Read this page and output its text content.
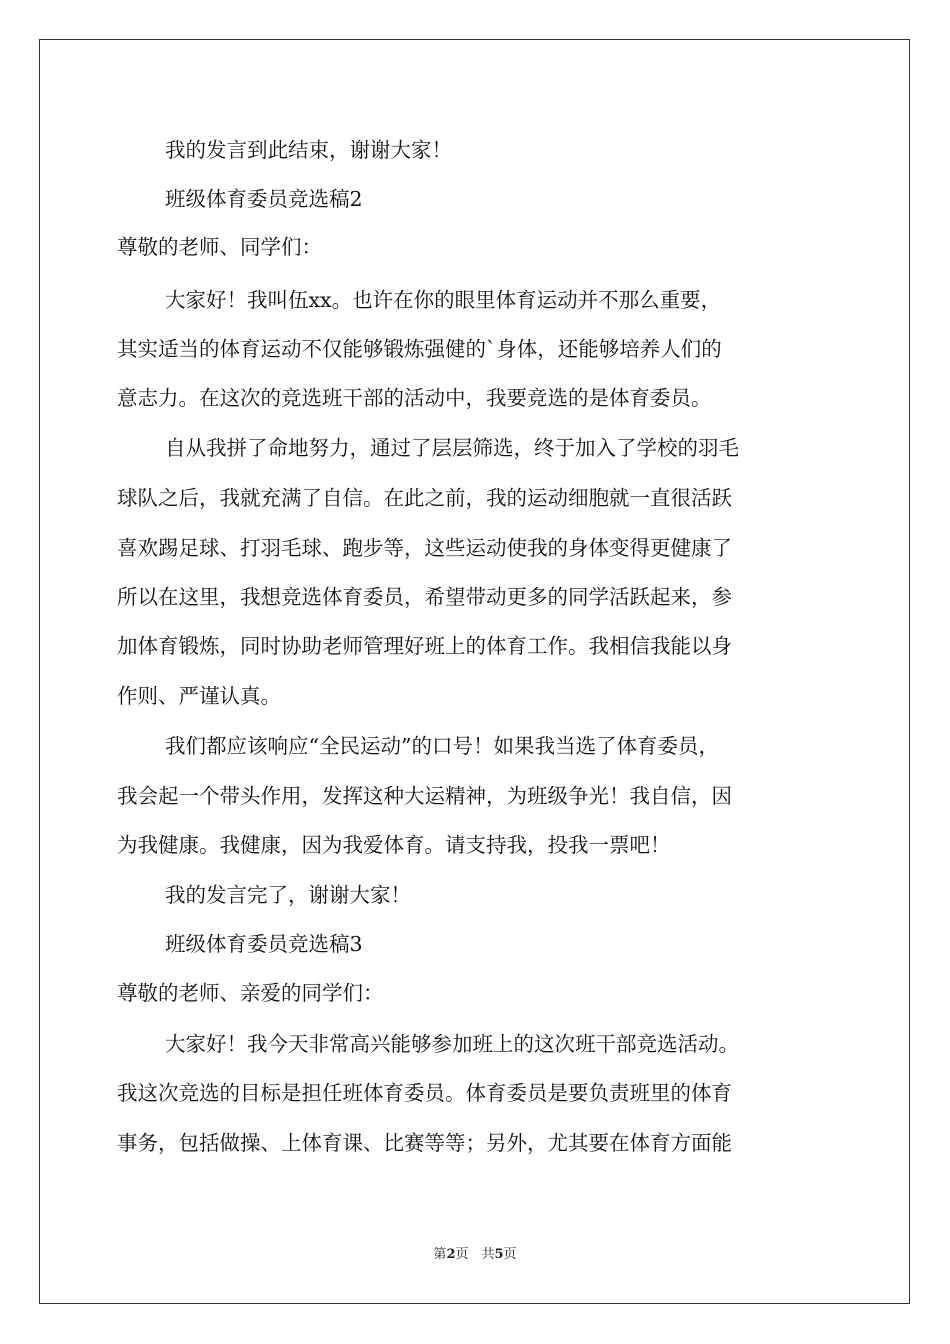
我的发言到此结束，谢谢大家！
班级体育委员竞选稿2
尊敬的老师、同学们：
大家好！我叫伍xx。也许在你的眼里体育运动并不那么重要，
其实适当的体育运动不仅能够锻炼强健的`身体，还能够培养人们的
意志力。在这次的竞选班干部的活动中，我要竞选的是体育委员。
自从我拼了命地努力，通过了层层筛选，终于加入了学校的羽毛
球队之后，我就充满了自信。在此之前，我的运动细胞就一直很活跃
喜欢踢足球、打羽毛球、跑步等，这些运动使我的身体变得更健康了
所以在这里，我想竞选体育委员，希望带动更多的同学活跃起来，参
加体育锻炼，同时协助老师管理好班上的体育工作。我相信我能以身
作则、严谨认真。
我们都应该响应“全民运动”的口号！如果我当选了体育委员，
我会起一个带头作用，发挥这种大运精神，为班级争光！我自信，因
为我健康。我健康，因为我爱体育。请支持我，投我一票吧！
我的发言完了，谢谢大家！
班级体育委员竞选稿3
尊敬的老师、亲爱的同学们：
大家好！我今天非常高兴能够参加班上的这次班干部竞选活动。
我这次竞选的目标是担任班体育委员。体育委员是要负责班里的体育
事务，包括做操、上体育课、比赛等等；另外，尤其要在体育方面能
第2页　共5页
